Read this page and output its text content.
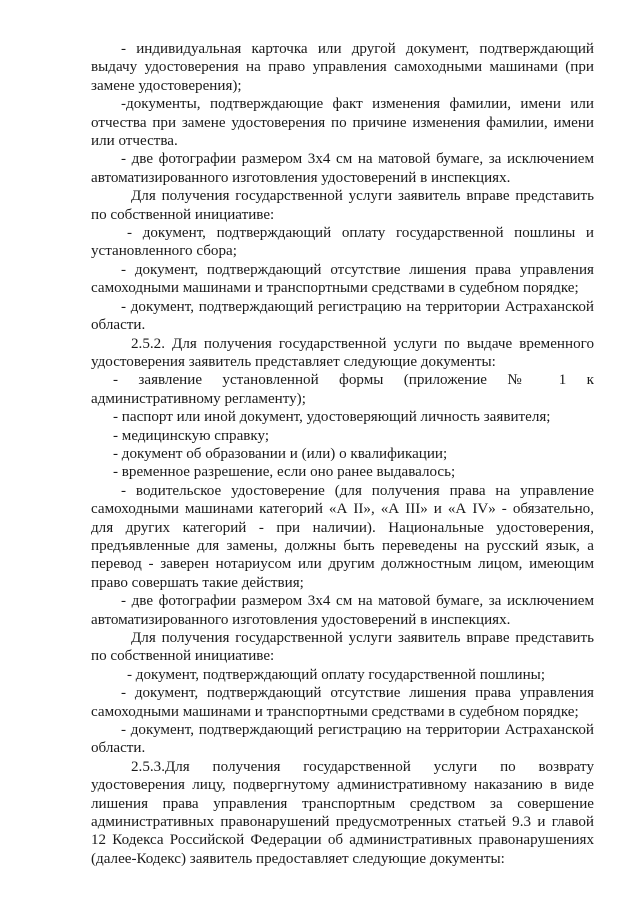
- индивидуальная карточка или другой документ, подтверждающий выдачу удостоверения на право управления самоходными машинами (при замене удостоверения);

-документы, подтверждающие факт изменения фамилии, имени или отчества при замене удостоверения по причине изменения фамилии, имени или отчества.

- две фотографии размером 3х4 см на матовой бумаге, за исключением автоматизированного изготовления удостоверений в инспекциях.

Для получения государственной услуги заявитель вправе представить по собственной инициативе:

- документ, подтверждающий оплату государственной пошлины и установленного сбора;

- документ, подтверждающий отсутствие лишения права управления самоходными машинами и транспортными средствами в судебном порядке;

- документ, подтверждающий регистрацию на территории Астраханской области.

2.5.2. Для получения государственной услуги по выдаче временного удостоверения заявитель представляет следующие документы:

- заявление установленной формы (приложение № 1 к административному регламенту);

- паспорт или иной документ, удостоверяющий личность заявителя;

- медицинскую справку;

- документ об образовании и (или) о квалификации;

- временное разрешение, если оно ранее выдавалось;

- водительское удостоверение (для получения права на управление самоходными машинами категорий «А II», «А III» и «А IV» - обязательно, для других категорий - при наличии). Национальные удостоверения, предъявленные для замены, должны быть переведены на русский язык, а перевод - заверен нотариусом или другим должностным лицом, имеющим право совершать такие действия;

- две фотографии размером 3х4 см на матовой бумаге, за исключением автоматизированного изготовления удостоверений в инспекциях.

Для получения государственной услуги заявитель вправе представить по собственной инициативе:

- документ, подтверждающий оплату государственной пошлины;

- документ, подтверждающий отсутствие лишения права управления самоходными машинами и транспортными средствами в судебном порядке;

- документ, подтверждающий регистрацию на территории Астраханской области.

2.5.3.Для получения государственной услуги по возврату удостоверения лицу, подвергнутому административному наказанию в виде лишения права управления транспортным средством за совершение административных правонарушений предусмотренных статьей 9.3 и главой 12 Кодекса Российской Федерации об административных правонарушениях (далее-Кодекс) заявитель предоставляет следующие документы:
